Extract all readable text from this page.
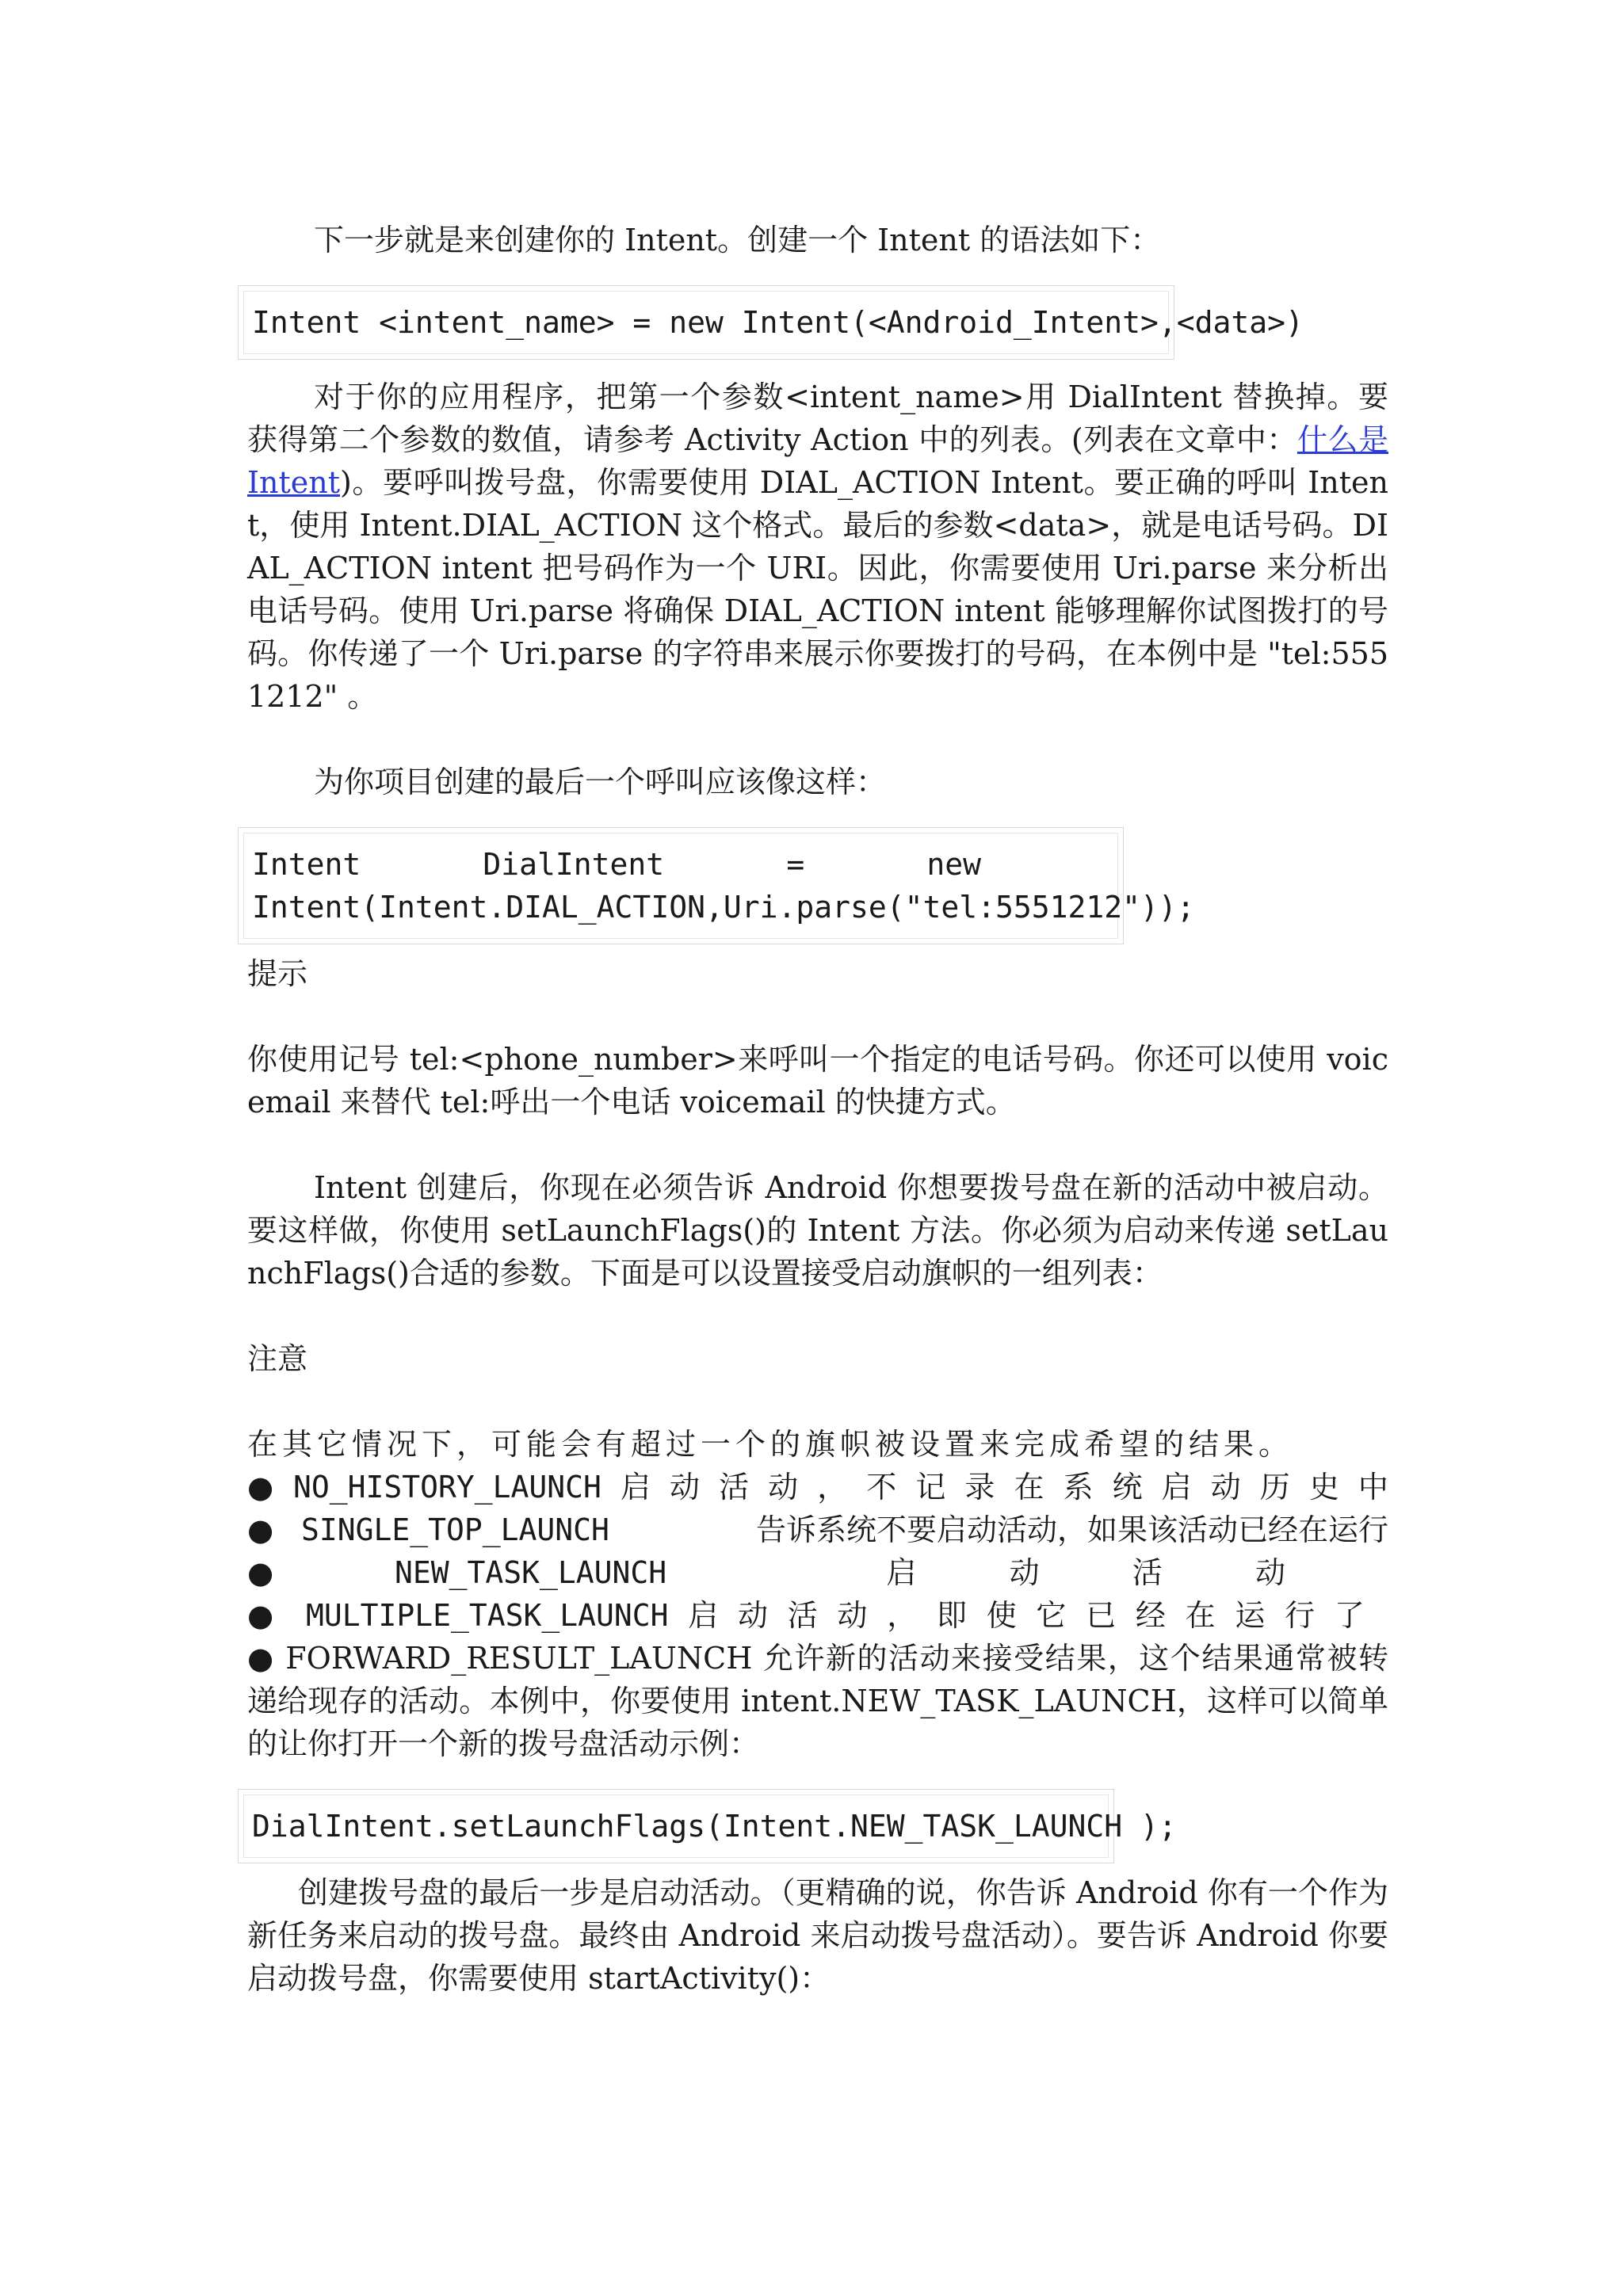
下一步就是来创建你的 Intent。创建一个 Intent 的语法如下：

Intent <intent_name> = new Intent(<Android_Intent>,<data>)

对于你的应用程序，把第一个参数<intent_name>用 DialIntent 替换掉。要获得第二个参数的数值，请参考 Activity Action 中的列表。(列表在文章中：什么是 Intent)。要呼叫拨号盘，你需要使用 DIAL_ACTION Intent。要正确的呼叫 Intent，使用 Intent.DIAL_ACTION 这个格式。最后的参数<data>，就是电话号码。DIAL_ACTION intent 把号码作为一个 URI。因此，你需要使用 Uri.parse 来分析出电话号码。使用 Uri.parse 将确保 DIAL_ACTION intent 能够理解你试图拨打的号码。你传递了一个 Uri.parse 的字符串来展示你要拨打的号码，在本例中是 "tel:5551212" 。

为你项目创建的最后一个呼叫应该像这样：

Intent	DialIntent	=	new
Intent(Intent.DIAL_ACTION,Uri.parse("tel:5551212"));

提示

你使用记号 tel:<phone_number>来呼叫一个指定的电话号码。你还可以使用 voicemail 来替代 tel:呼出一个电话 voicemail 的快捷方式。

Intent 创建后，你现在必须告诉 Android 你想要拨号盘在新的活动中被启动。要这样做，你使用 setLaunchFlags()的 Intent 方法。你必须为启动来传递 setLaunchFlags()合适的参数。下面是可以设置接受启动旗帜的一组列表：

注意

在其它情况下，可能会有超过一个的旗帜被设置来完成希望的结果。

● NO_HISTORY_LAUNCH 启 动 活 动 ， 不 记 录 在 系 统 启 动 历 史 中
● SINGLE_TOP_LAUNCH	告诉系统不要启动活动，如果该活动已经在运行
●	NEW_TASK_LAUNCH	启	动	活	动
●	MULTIPLE_TASK_LAUNCH 启 动 活 动 ， 即 使 它 已 经 在 运 行 了

● FORWARD_RESULT_LAUNCH 允许新的活动来接受结果，这个结果通常被转递给现存的活动。本例中，你要使用 intent.NEW_TASK_LAUNCH，这样可以简单的让你打开一个新的拨号盘活动示例：

DialIntent.setLaunchFlags(Intent.NEW_TASK_LAUNCH );

创建拨号盘的最后一步是启动活动。（更精确的说，你告诉 Android 你有一个作为新任务来启动的拨号盘。最终由 Android 来启动拨号盘活动）。要告诉 Android 你要启动拨号盘，你需要使用 startActivity()：
